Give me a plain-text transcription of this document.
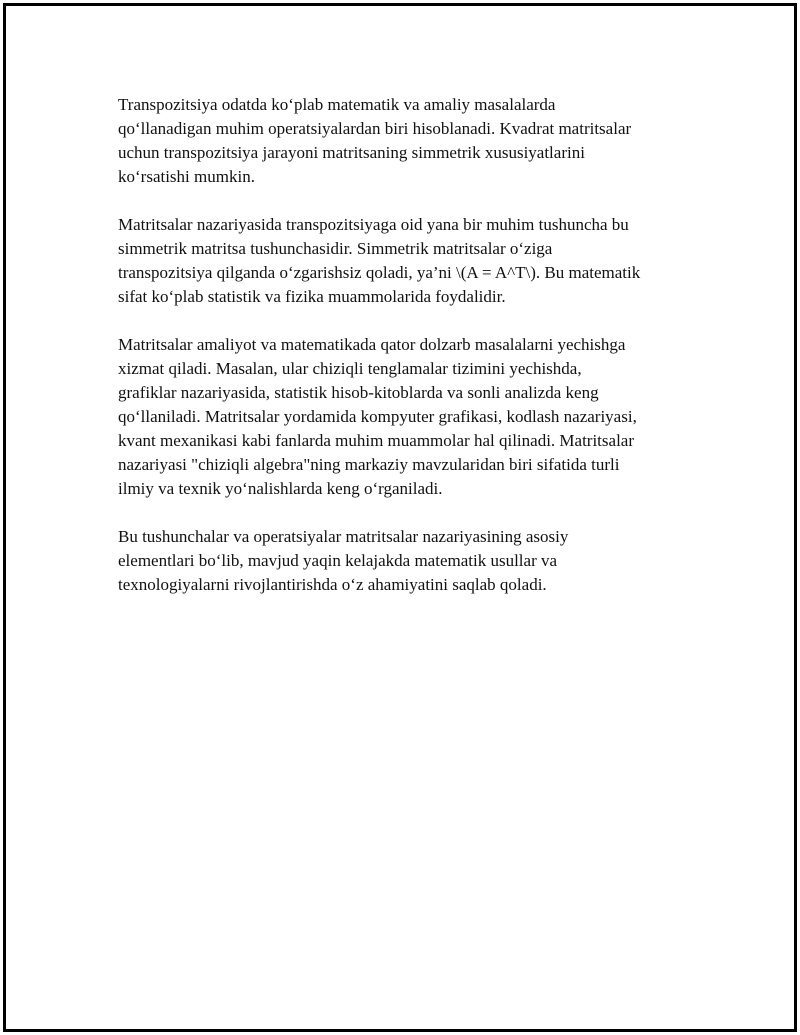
Transpozitsiya odatda ko‘plab matematik va amaliy masalalarda
qo‘llanadigan muhim operatsiyalardan biri hisoblanadi. Kvadrat matritsalar
uchun transpozitsiya jarayoni matritsaning simmetrik xususiyatlarini
ko‘rsatishi mumkin.

Matritsalar nazariyasida transpozitsiyaga oid yana bir muhim tushuncha bu
simmetrik matritsa tushunchasidir. Simmetrik matritsalar o‘ziga
transpozitsiya qilganda o‘zgarishsiz qoladi, ya’ni \(A = A^T\). Bu matematik
sifat ko‘plab statistik va fizika muammolarida foydalidir.

Matritsalar amaliyot va matematikada qator dolzarb masalalarni yechishga
xizmat qiladi. Masalan, ular chiziqli tenglamalar tizimini yechishda,
grafiklar nazariyasida, statistik hisob-kitoblarda va sonli analizda keng
qo‘llaniladi. Matritsalar yordamida kompyuter grafikasi, kodlash nazariyasi,
kvant mexanikasi kabi fanlarda muhim muammolar hal qilinadi. Matritsalar
nazariyasi "chiziqli algebra"ning markaziy mavzularidan biri sifatida turli
ilmiy va texnik yo‘nalishlarda keng o‘rganiladi.

Bu tushunchalar va operatsiyalar matritsalar nazariyasining asosiy
elementlari bo‘lib, mavjud yaqin kelajakda matematik usullar va
texnologiyalarni rivojlantirishda o‘z ahamiyatini saqlab qoladi.
